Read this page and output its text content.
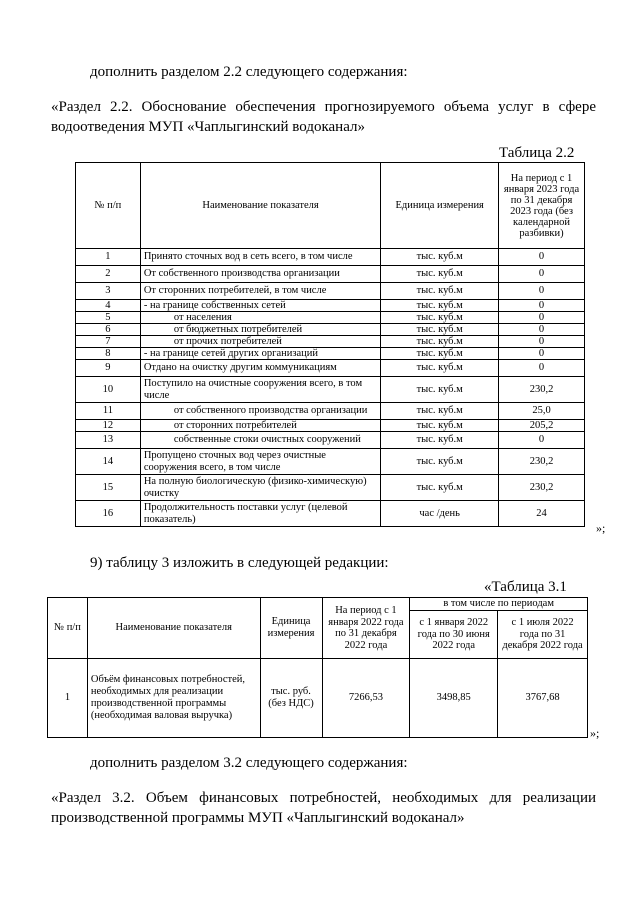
дополнить разделом 2.2 следующего содержания:
«Раздел 2.2. Обоснование обеспечения прогнозируемого объема услуг в сфере водоотведения МУП «Чаплыгинский водоканал»
Таблица 2.2
№ п/п	Наименование показателя	Единица измерения	На период с 1 января 2023 года по 31 декабря 2023 года (без календарной разбивки)
1	Принято сточных вод в сеть всего, в том числе	тыс. куб.м	0
2	От собственного производства организации	тыс. куб.м	0
3	От сторонних потребителей, в том числе	тыс. куб.м	0
4	- на границе собственных сетей	тыс. куб.м	0
5	от населения	тыс. куб.м	0
6	от бюджетных потребителей	тыс. куб.м	0
7	от прочих потребителей	тыс. куб.м	0
8	- на границе сетей других организаций	тыс. куб.м	0
9	Отдано на очистку другим коммуникациям	тыс. куб.м	0
10	Поступило на очистные сооружения всего, в том числе	тыс. куб.м	230,2
11	от собственного производства организации	тыс. куб.м	25,0
12	от сторонних потребителей	тыс. куб.м	205,2
13	собственные стоки очистных сооружений	тыс. куб.м	0
14	Пропущено сточных вод через очистные сооружения всего, в том числе	тыс. куб.м	230,2
15	На полную биологическую (физико-химическую) очистку	тыс. куб.м	230,2
16	Продолжительность поставки услуг (целевой показатель)	час /день	24
»;
9) таблицу 3 изложить в следующей редакции:
«Таблица 3.1
№ п/п	Наименование показателя	Единица измерения	На период с 1 января 2022 года по 31 декабря 2022 года	в том числе по периодам	
				с 1 января 2022 года по 30 июня 2022 года	с 1 июля 2022 года по 31 декабря 2022 года
1	Объём финансовых потребностей, необходимых для реализации производственной программы (необходимая валовая выручка)	тыс. руб. (без НДС)	7266,53	3498,85	3767,68
»;
дополнить разделом 3.2 следующего содержания:
«Раздел 3.2. Объем финансовых потребностей, необходимых для реализации производственной программы МУП «Чаплыгинский водоканал»
